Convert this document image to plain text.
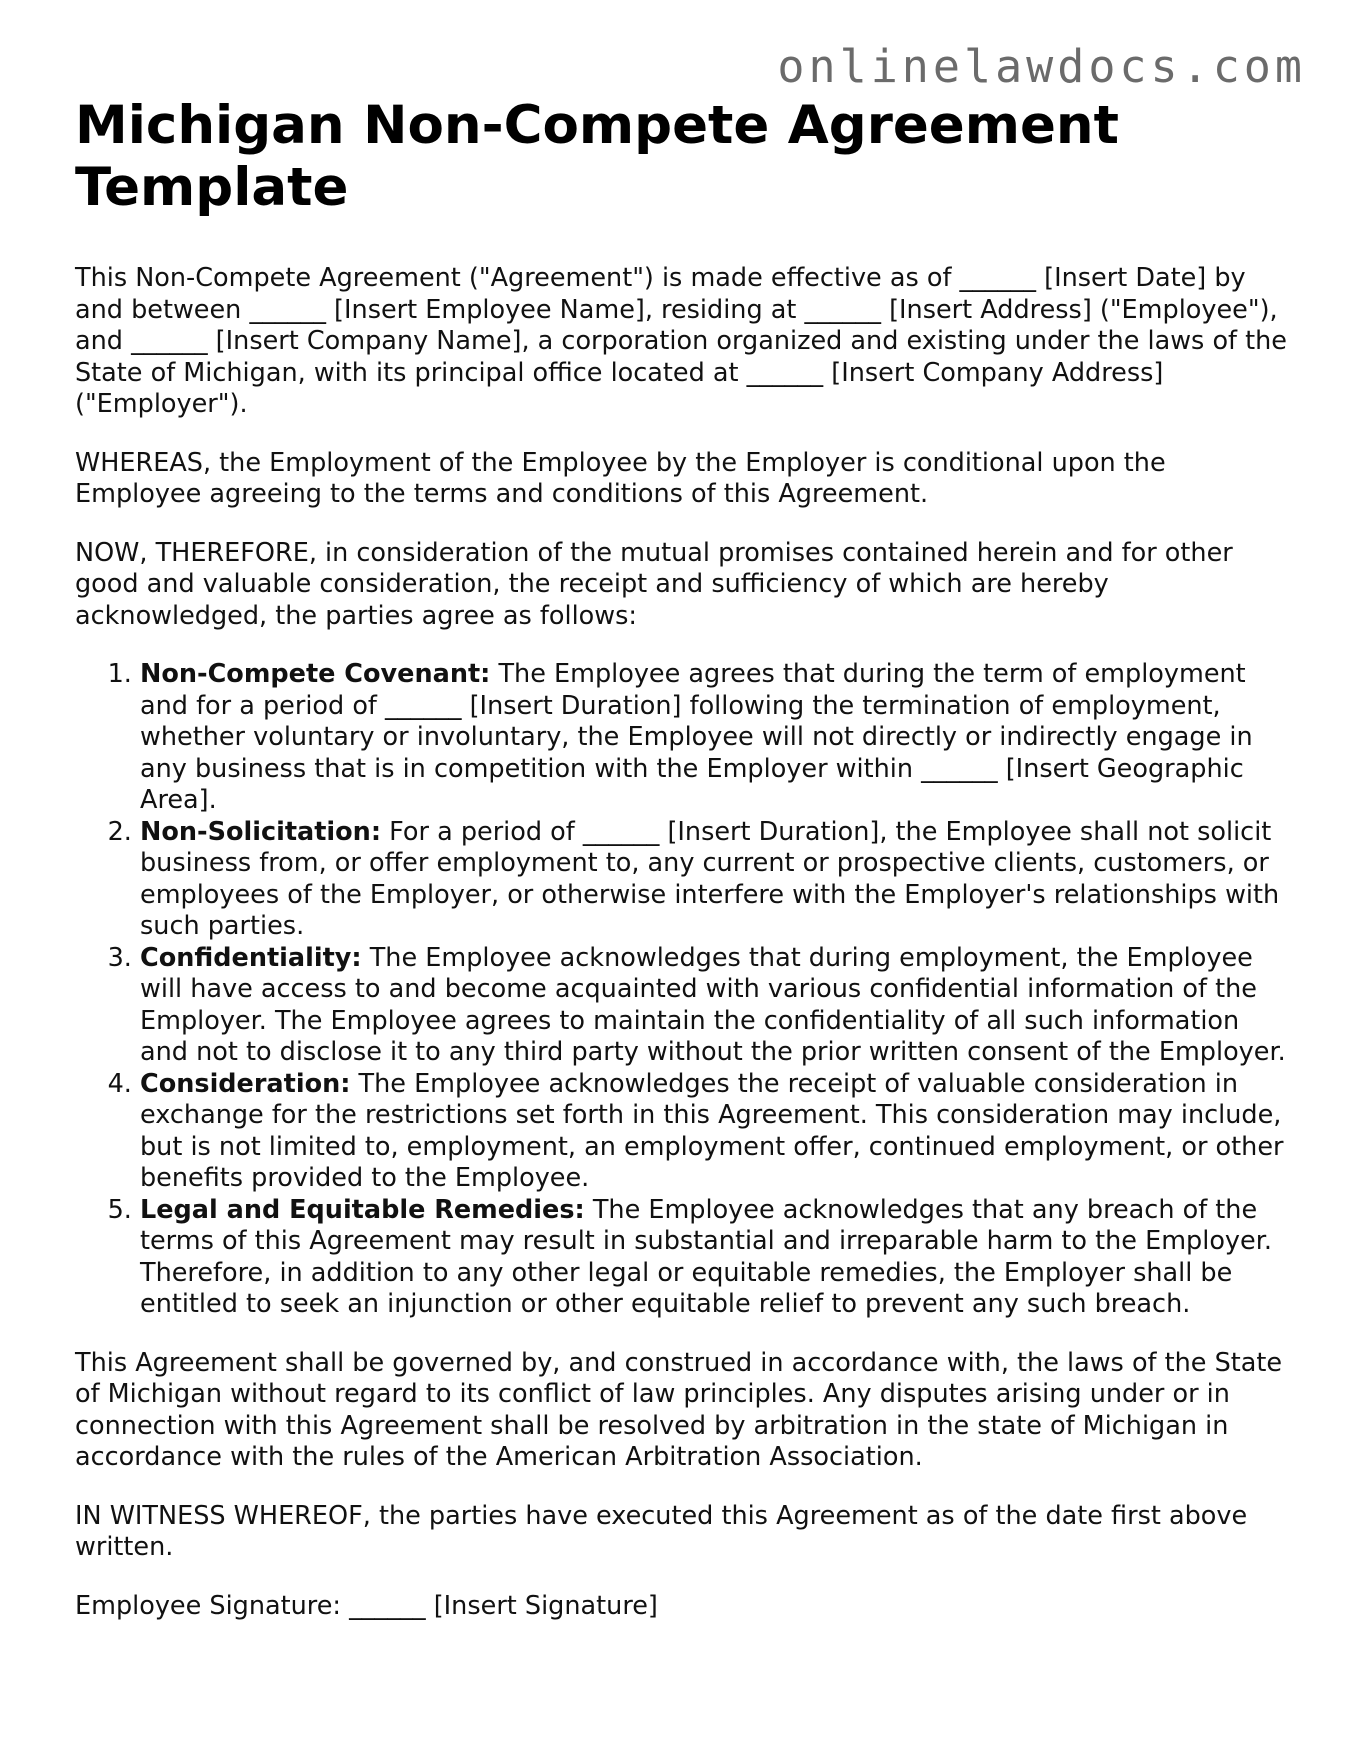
onlinelawdocs.com
Michigan Non-Compete Agreement Template

This Non-Compete Agreement ("Agreement") is made effective as of ______ [Insert Date] by and between ______ [Insert Employee Name], residing at ______ [Insert Address] ("Employee"), and ______ [Insert Company Name], a corporation organized and existing under the laws of the State of Michigan, with its principal office located at ______ [Insert Company Address] ("Employer").

WHEREAS, the Employment of the Employee by the Employer is conditional upon the Employee agreeing to the terms and conditions of this Agreement.

NOW, THEREFORE, in consideration of the mutual promises contained herein and for other good and valuable consideration, the receipt and sufficiency of which are hereby acknowledged, the parties agree as follows:

1. Non-Compete Covenant: The Employee agrees that during the term of employment and for a period of ______ [Insert Duration] following the termination of employment, whether voluntary or involuntary, the Employee will not directly or indirectly engage in any business that is in competition with the Employer within ______ [Insert Geographic Area].
2. Non-Solicitation: For a period of ______ [Insert Duration], the Employee shall not solicit business from, or offer employment to, any current or prospective clients, customers, or employees of the Employer, or otherwise interfere with the Employer's relationships with such parties.
3. Confidentiality: The Employee acknowledges that during employment, the Employee will have access to and become acquainted with various confidential information of the Employer. The Employee agrees to maintain the confidentiality of all such information and not to disclose it to any third party without the prior written consent of the Employer.
4. Consideration: The Employee acknowledges the receipt of valuable consideration in exchange for the restrictions set forth in this Agreement. This consideration may include, but is not limited to, employment, an employment offer, continued employment, or other benefits provided to the Employee.
5. Legal and Equitable Remedies: The Employee acknowledges that any breach of the terms of this Agreement may result in substantial and irreparable harm to the Employer. Therefore, in addition to any other legal or equitable remedies, the Employer shall be entitled to seek an injunction or other equitable relief to prevent any such breach.

This Agreement shall be governed by, and construed in accordance with, the laws of the State of Michigan without regard to its conflict of law principles. Any disputes arising under or in connection with this Agreement shall be resolved by arbitration in the state of Michigan in accordance with the rules of the American Arbitration Association.

IN WITNESS WHEREOF, the parties have executed this Agreement as of the date first above written.

Employee Signature: ______ [Insert Signature]
